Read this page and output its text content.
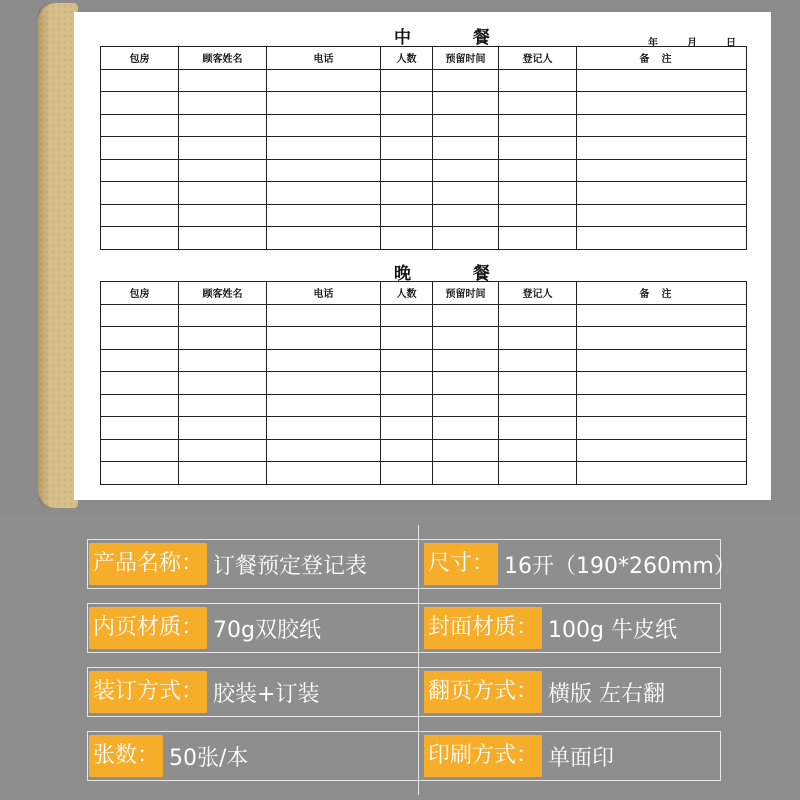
中 餐	年	月	日
包房	顾客姓名	电话	人数	预留时间	登记人	备注

晚 餐
包房	顾客姓名	电话	人数	预留时间	登记人	备注

产品名称： 订餐预定登记表	尺寸： 16开（190*260mm）
内页材质： 70g双胶纸	封面材质： 100g 牛皮纸
装订方式： 胶装+订装	翻页方式： 横版 左右翻
张数： 50张/本	印刷方式： 单面印
